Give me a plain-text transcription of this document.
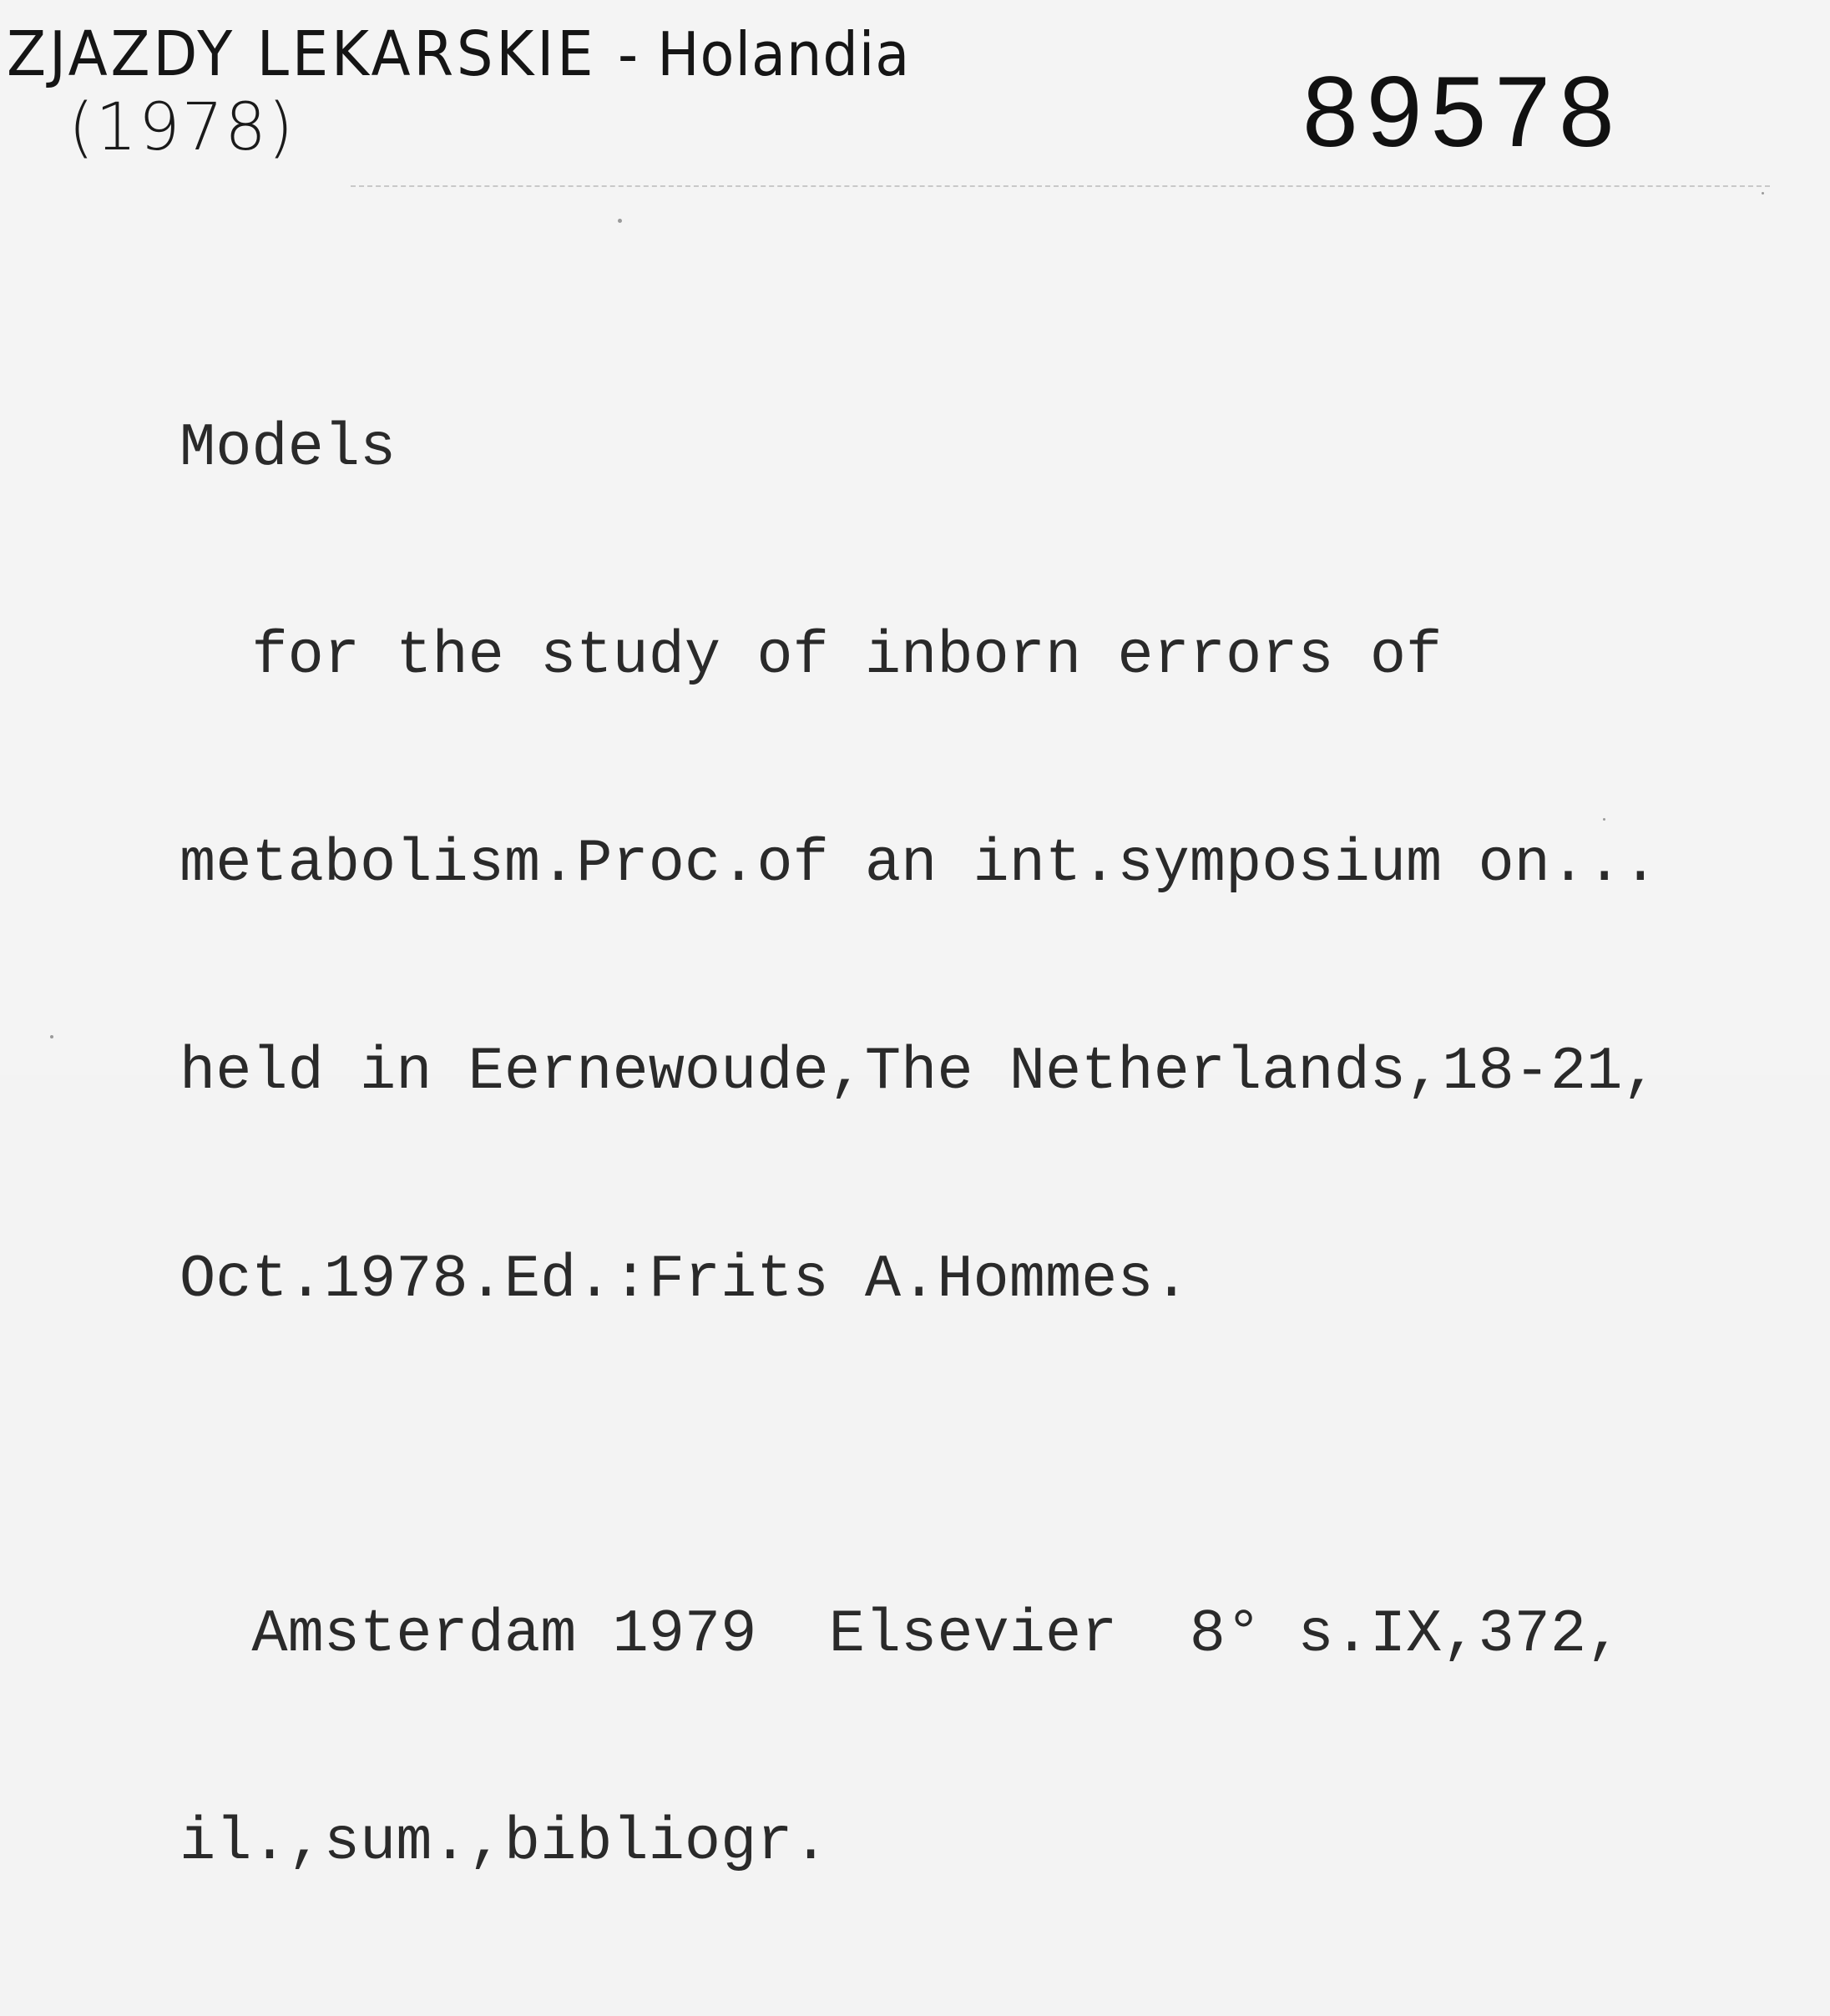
ZJAZDY LEKARSKIE - Holandia
(1978)	89578

Models

for the study of inborn errors of

metabolism.Proc.of an int.symposium on...

held in Eernewoude,The Netherlands,18-21,

Oct.1978.Ed.:Frits A.Hommes.

Amsterdam 1979  Elsevier  8° s.IX,372,

il.,sum.,bibliogr.
